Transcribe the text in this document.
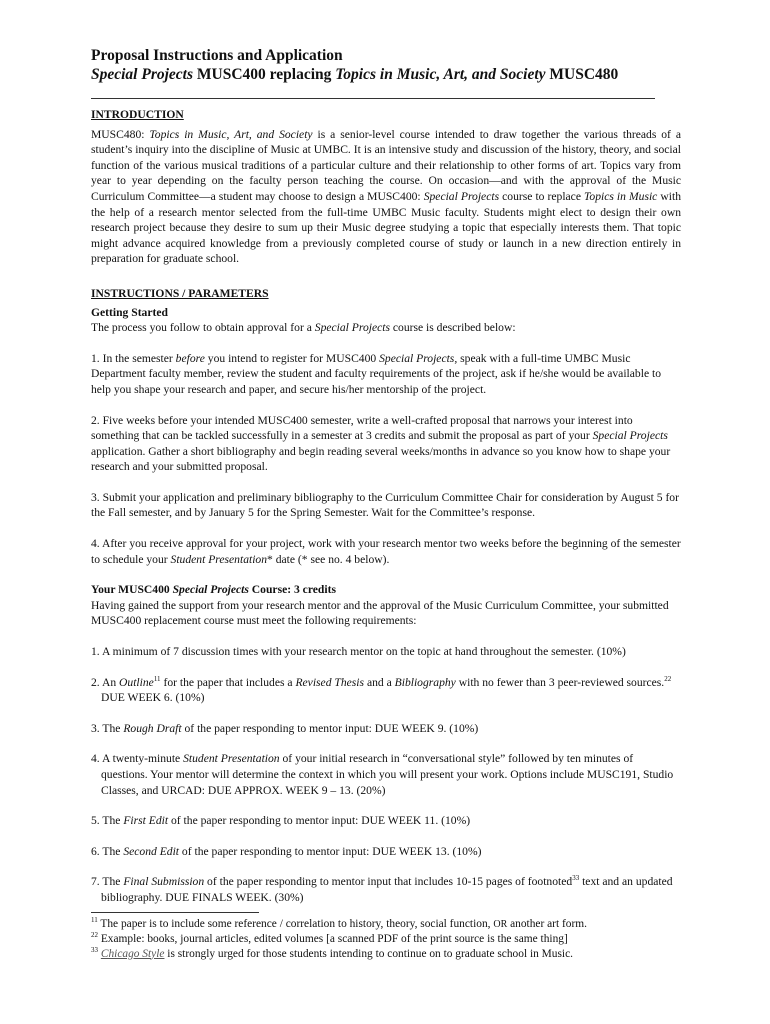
Proposal Instructions and Application
Special Projects MUSC400 replacing Topics in Music, Art, and Society MUSC480

INTRODUCTION

MUSC480: Topics in Music, Art, and Society is a senior-level course intended to draw together the various threads of a student’s inquiry into the discipline of Music at UMBC. It is an intensive study and discussion of the history, theory, and social function of the various musical traditions of a particular culture and their relationship to other forms of art. Topics vary from year to year depending on the faculty person teaching the course. On occasion—and with the approval of the Music Curriculum Committee—a student may choose to design a MUSC400: Special Projects course to replace Topics in Music with the help of a research mentor selected from the full-time UMBC Music faculty. Students might elect to design their own research project because they desire to sum up their Music degree studying a topic that especially interests them. That topic might advance acquired knowledge from a previously completed course of study or launch in a new direction entirely in preparation for graduate school.

INSTRUCTIONS / PARAMETERS

Getting Started

The process you follow to obtain approval for a Special Projects course is described below:

1. In the semester before you intend to register for MUSC400 Special Projects, speak with a full-time UMBC Music Department faculty member, review the student and faculty requirements of the project, ask if he/she would be available to help you shape your research and paper, and secure his/her mentorship of the project.

2. Five weeks before your intended MUSC400 semester, write a well-crafted proposal that narrows your interest into something that can be tackled successfully in a semester at 3 credits and submit the proposal as part of your Special Projects application. Gather a short bibliography and begin reading several weeks/months in advance so you know how to shape your research and your submitted proposal.

3. Submit your application and preliminary bibliography to the Curriculum Committee Chair for consideration by August 5 for the Fall semester, and by January 5 for the Spring Semester. Wait for the Committee’s response.

4. After you receive approval for your project, work with your research mentor two weeks before the beginning of the semester to schedule your Student Presentation* date (* see no. 4 below).

Your MUSC400 Special Projects Course: 3 credits

Having gained the support from your research mentor and the approval of the Music Curriculum Committee, your submitted MUSC400 replacement course must meet the following requirements:

1. A minimum of 7 discussion times with your research mentor on the topic at hand throughout the semester. (10%)

2. An Outline$^{11}$ for the paper that includes a Revised Thesis and a Bibliography with no fewer than 3 peer-reviewed sources.$^{22}$ DUE WEEK 6. (10%)

3. The Rough Draft of the paper responding to mentor input: DUE WEEK 9. (10%)

4. A twenty-minute Student Presentation of your initial research in “conversational style” followed by ten minutes of questions. Your mentor will determine the context in which you will present your work. Options include MUSC191, Studio Classes, and URCAD: DUE APPROX. WEEK 9 – 13. (20%)

5. The First Edit of the paper responding to mentor input: DUE WEEK 11. (10%)

6. The Second Edit of the paper responding to mentor input: DUE WEEK 13. (10%)

7. The Final Submission of the paper responding to mentor input that includes 10-15 pages of footnoted$^{33}$ text and an updated bibliography. DUE FINALS WEEK. (30%)

$^{11}$ The paper is to include some reference / correlation to history, theory, social function, OR another art form.

$^{22}$ Example: books, journal articles, edited volumes [a scanned PDF of the print source is the same thing]

$^{33}$ Chicago Style is strongly urged for those students intending to continue on to graduate school in Music.
